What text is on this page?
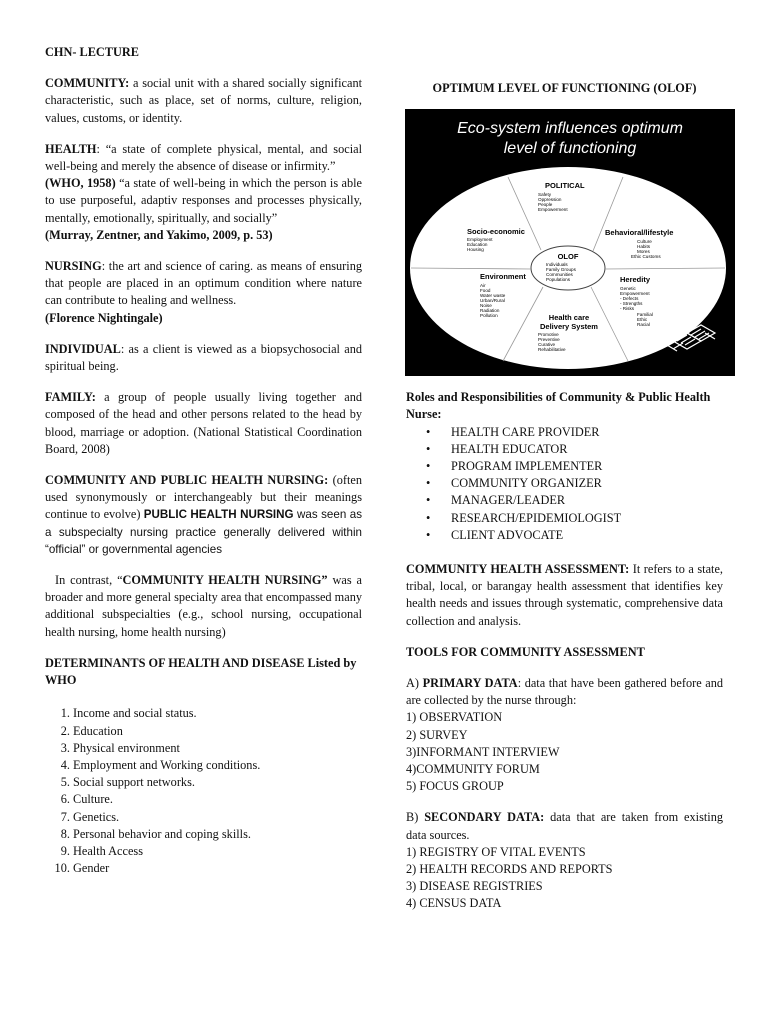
CHN- LECTURE

COMMUNITY: a social unit with a shared socially significant characteristic, such as place, set of norms, culture, religion, values, customs, or identity.

HEALTH: “a state of complete physical, mental, and social well-being and merely the absence of disease or infirmity.”
(WHO, 1958) “a state of well-being in which the person is able to use purposeful, adaptiv responses and processes physically, mentally, emotionally, spiritually, and socially”
(Murray, Zentner, and Yakimo, 2009, p. 53)

NURSING: the art and science of caring. as means of ensuring that people are placed in an optimum condition where nature can contribute to healing and wellness.
(Florence Nightingale)

INDIVIDUAL: as a client is viewed as a biopsychosocial and spiritual being.

FAMILY: a group of people usually living together and composed of the head and other persons related to the head by blood, marriage or adoption. (National Statistical Coordination Board, 2008)

COMMUNITY AND PUBLIC HEALTH NURSING: (often used synonymously or interchangeably but their meanings continue to evolve) PUBLIC HEALTH NURSING was seen as a subspecialty nursing practice generally delivered within “official” or governmental agencies

In contrast, “COMMUNITY HEALTH NURSING” was a broader and more general specialty area that encompassed many additional subspecialties (e.g., school nursing, occupational health nursing, home health nursing)

DETERMINANTS OF HEALTH AND DISEASE Listed by WHO

1. Income and social status.
2. Education
3. Physical environment
4. Employment and Working conditions.
5. Social support networks.
6. Culture.
7. Genetics.
8. Personal behavior and coping skills.
9. Health Access
10. Gender

OPTIMUM LEVEL OF FUNCTIONING (OLOF)

Eco-system influences optimum
level of functioning
POLITICAL
Safety
Oppression
People
Empowerment
Socio-economic
Employment
Education
Housing
Behavioral/lifestyle
Culture
Habits
Mores
Ethic Customs
OLOF
Individuals
Family Groups
Communities
Populations
Environment
Air
Food
Water waste
Urban/Rural
Noise
Radiation
Pollution
Heredity
Genetic
Empowerment
- Defects
- Strengths
- Risks
Familial
Ethic
Racial
Health care
Delivery System
Promotive
Preventive
Curative
Rehabilitative

Roles and Responsibilities of Community & Public Health Nurse:

• HEALTH CARE PROVIDER
• HEALTH EDUCATOR
• PROGRAM IMPLEMENTER
• COMMUNITY ORGANIZER
• MANAGER/LEADER
• RESEARCH/EPIDEMIOLOGIST
• CLIENT ADVOCATE

COMMUNITY HEALTH ASSESSMENT: It refers to a state, tribal, local, or barangay health assessment that identifies key health needs and issues through systematic, comprehensive data collection and analysis.

TOOLS FOR COMMUNITY ASSESSMENT

A) PRIMARY DATA: data that have been gathered before and are collected by the nurse through:

1) OBSERVATION
2) SURVEY
3)INFORMANT INTERVIEW
4)COMMUNITY FORUM
5) FOCUS GROUP

B) SECONDARY DATA: data that are taken from existing data sources.

1) REGISTRY OF VITAL EVENTS
2) HEALTH RECORDS AND REPORTS
3) DISEASE REGISTRIES
4) CENSUS DATA
